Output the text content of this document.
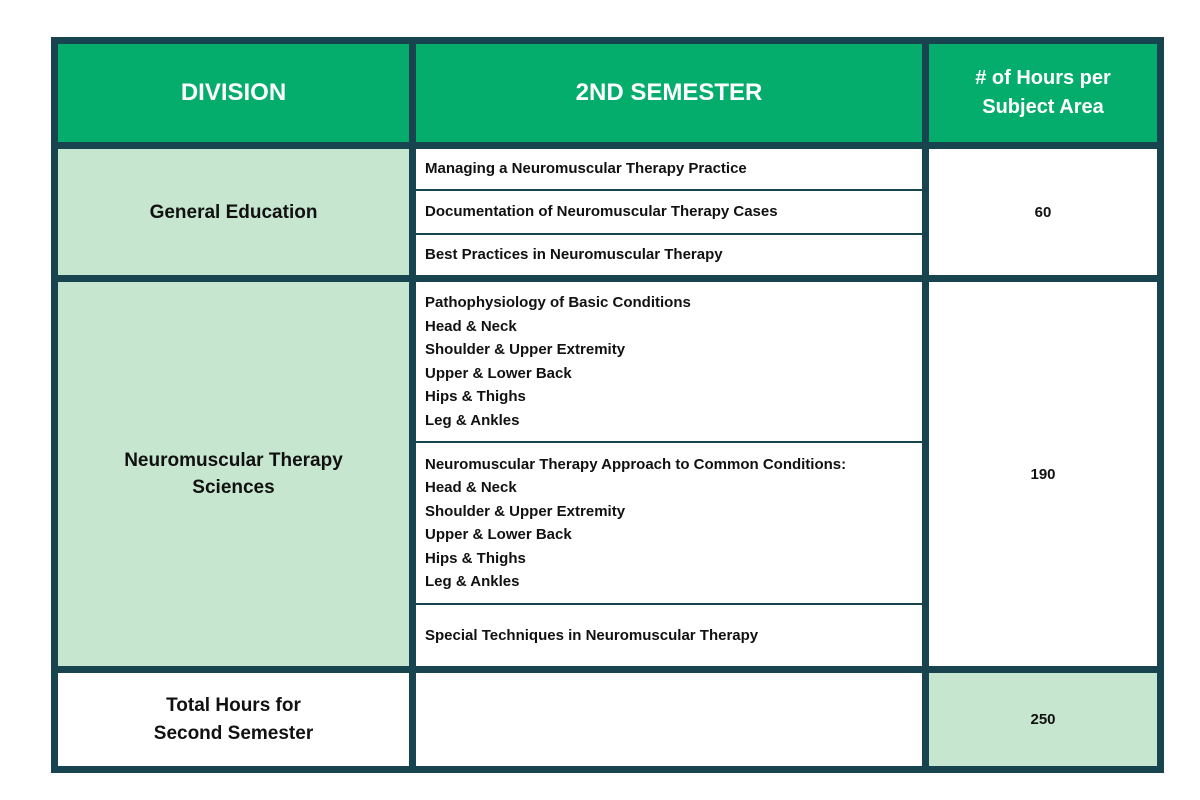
DIVISION	2ND SEMESTER
# of Hours per
Subject Area
General Education
Managing a Neuromuscular Therapy Practice
Documentation of Neuromuscular Therapy Cases
Best Practices in Neuromuscular Therapy
60
Neuromuscular Therapy
Sciences
Pathophysiology of Basic Conditions
Head & Neck
Shoulder & Upper Extremity
Upper & Lower Back
Hips & Thighs
Leg & Ankles
Neuromuscular Therapy Approach to Common Conditions:
Head & Neck
Shoulder & Upper Extremity
Upper & Lower Back
Hips & Thighs
Leg & Ankles
Special Techniques in Neuromuscular Therapy
190
Total Hours for
Second Semester
250
